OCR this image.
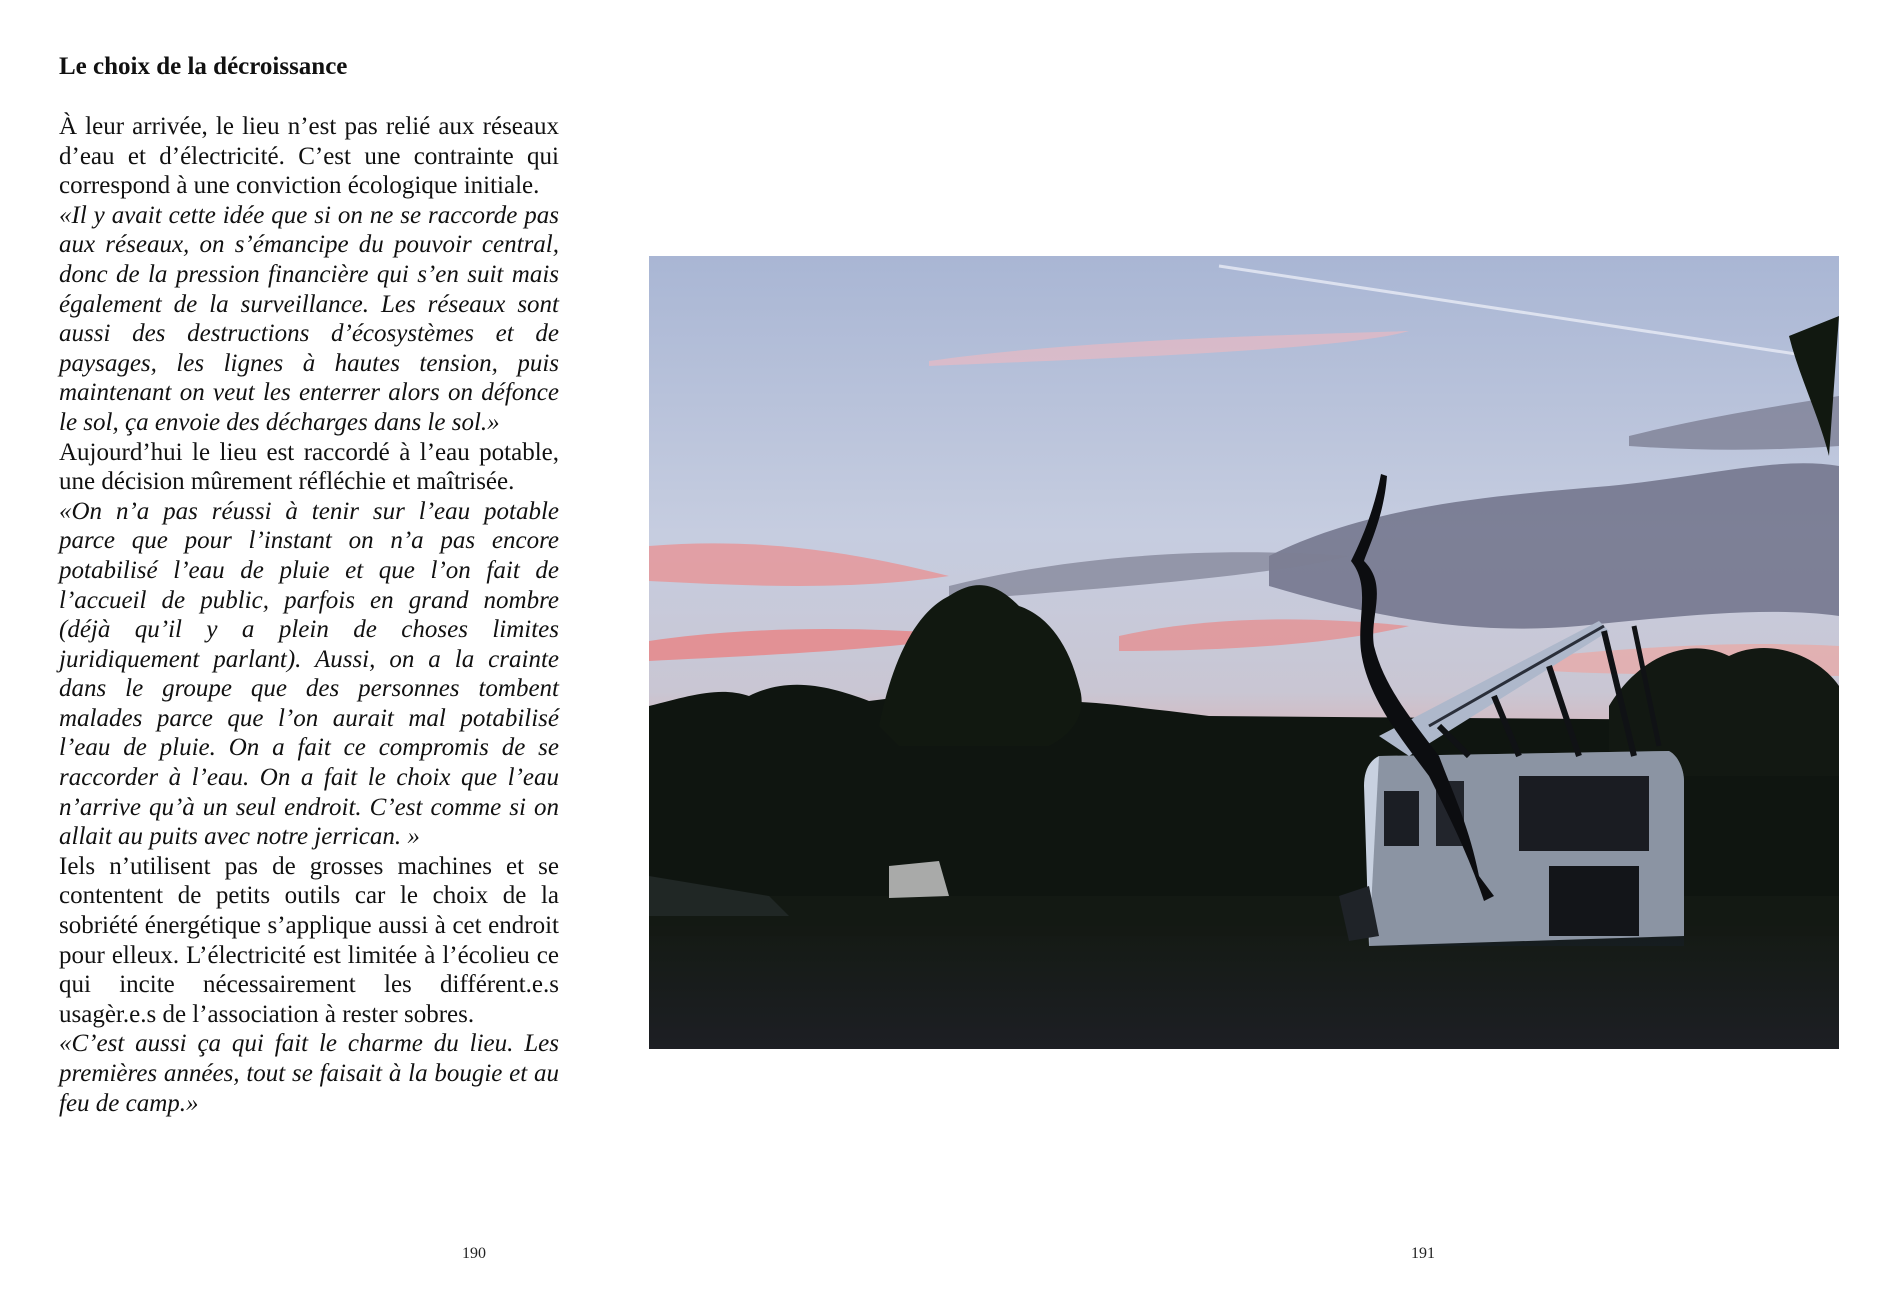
Le choix de la décroissance

À leur arrivée, le lieu n’est pas relié aux réseaux d’eau et d’électricité. C’est une contrainte qui correspond à une conviction écologique initiale.

«Il y avait cette idée que si on ne se raccorde pas aux réseaux, on s’émancipe du pouvoir central, donc de la pression financière qui s’en suit mais également de la surveillance. Les réseaux sont aussi des destructions d’écosystèmes et de paysages, les lignes à hautes tension, puis maintenant on veut les enterrer alors on défonce le sol, ça envoie des décharges dans le sol.»

Aujourd’hui le lieu est raccordé à l’eau potable, une décision mûrement réfléchie et maîtrisée.

«On n’a pas réussi à tenir sur l’eau potable parce que pour l’instant on n’a pas encore potabilisé l’eau de pluie et que l’on fait de l’accueil de public, parfois en grand nombre (déjà qu’il y a plein de choses limites juridiquement parlant). Aussi, on a la crainte dans le groupe que des personnes tombent malades parce que l’on aurait mal potabilisé l’eau de pluie. On a fait ce compromis de se raccorder à l’eau. On a fait le choix que l’eau n’arrive qu’à un seul endroit. C’est comme si on allait au puits avec notre jerrican. »

Iels n’utilisent pas de grosses machines et se contentent de petits outils car le choix de la sobriété énergétique s’applique aussi à cet endroit pour elleux. L’électricité est limitée à l’écolieu ce qui incite nécessairement les différent.e.s usagèr.e.s de l’association à rester sobres.

«C’est aussi ça qui fait le charme du lieu. Les premières années, tout se faisait à la bougie et au feu de camp.»

190	191
